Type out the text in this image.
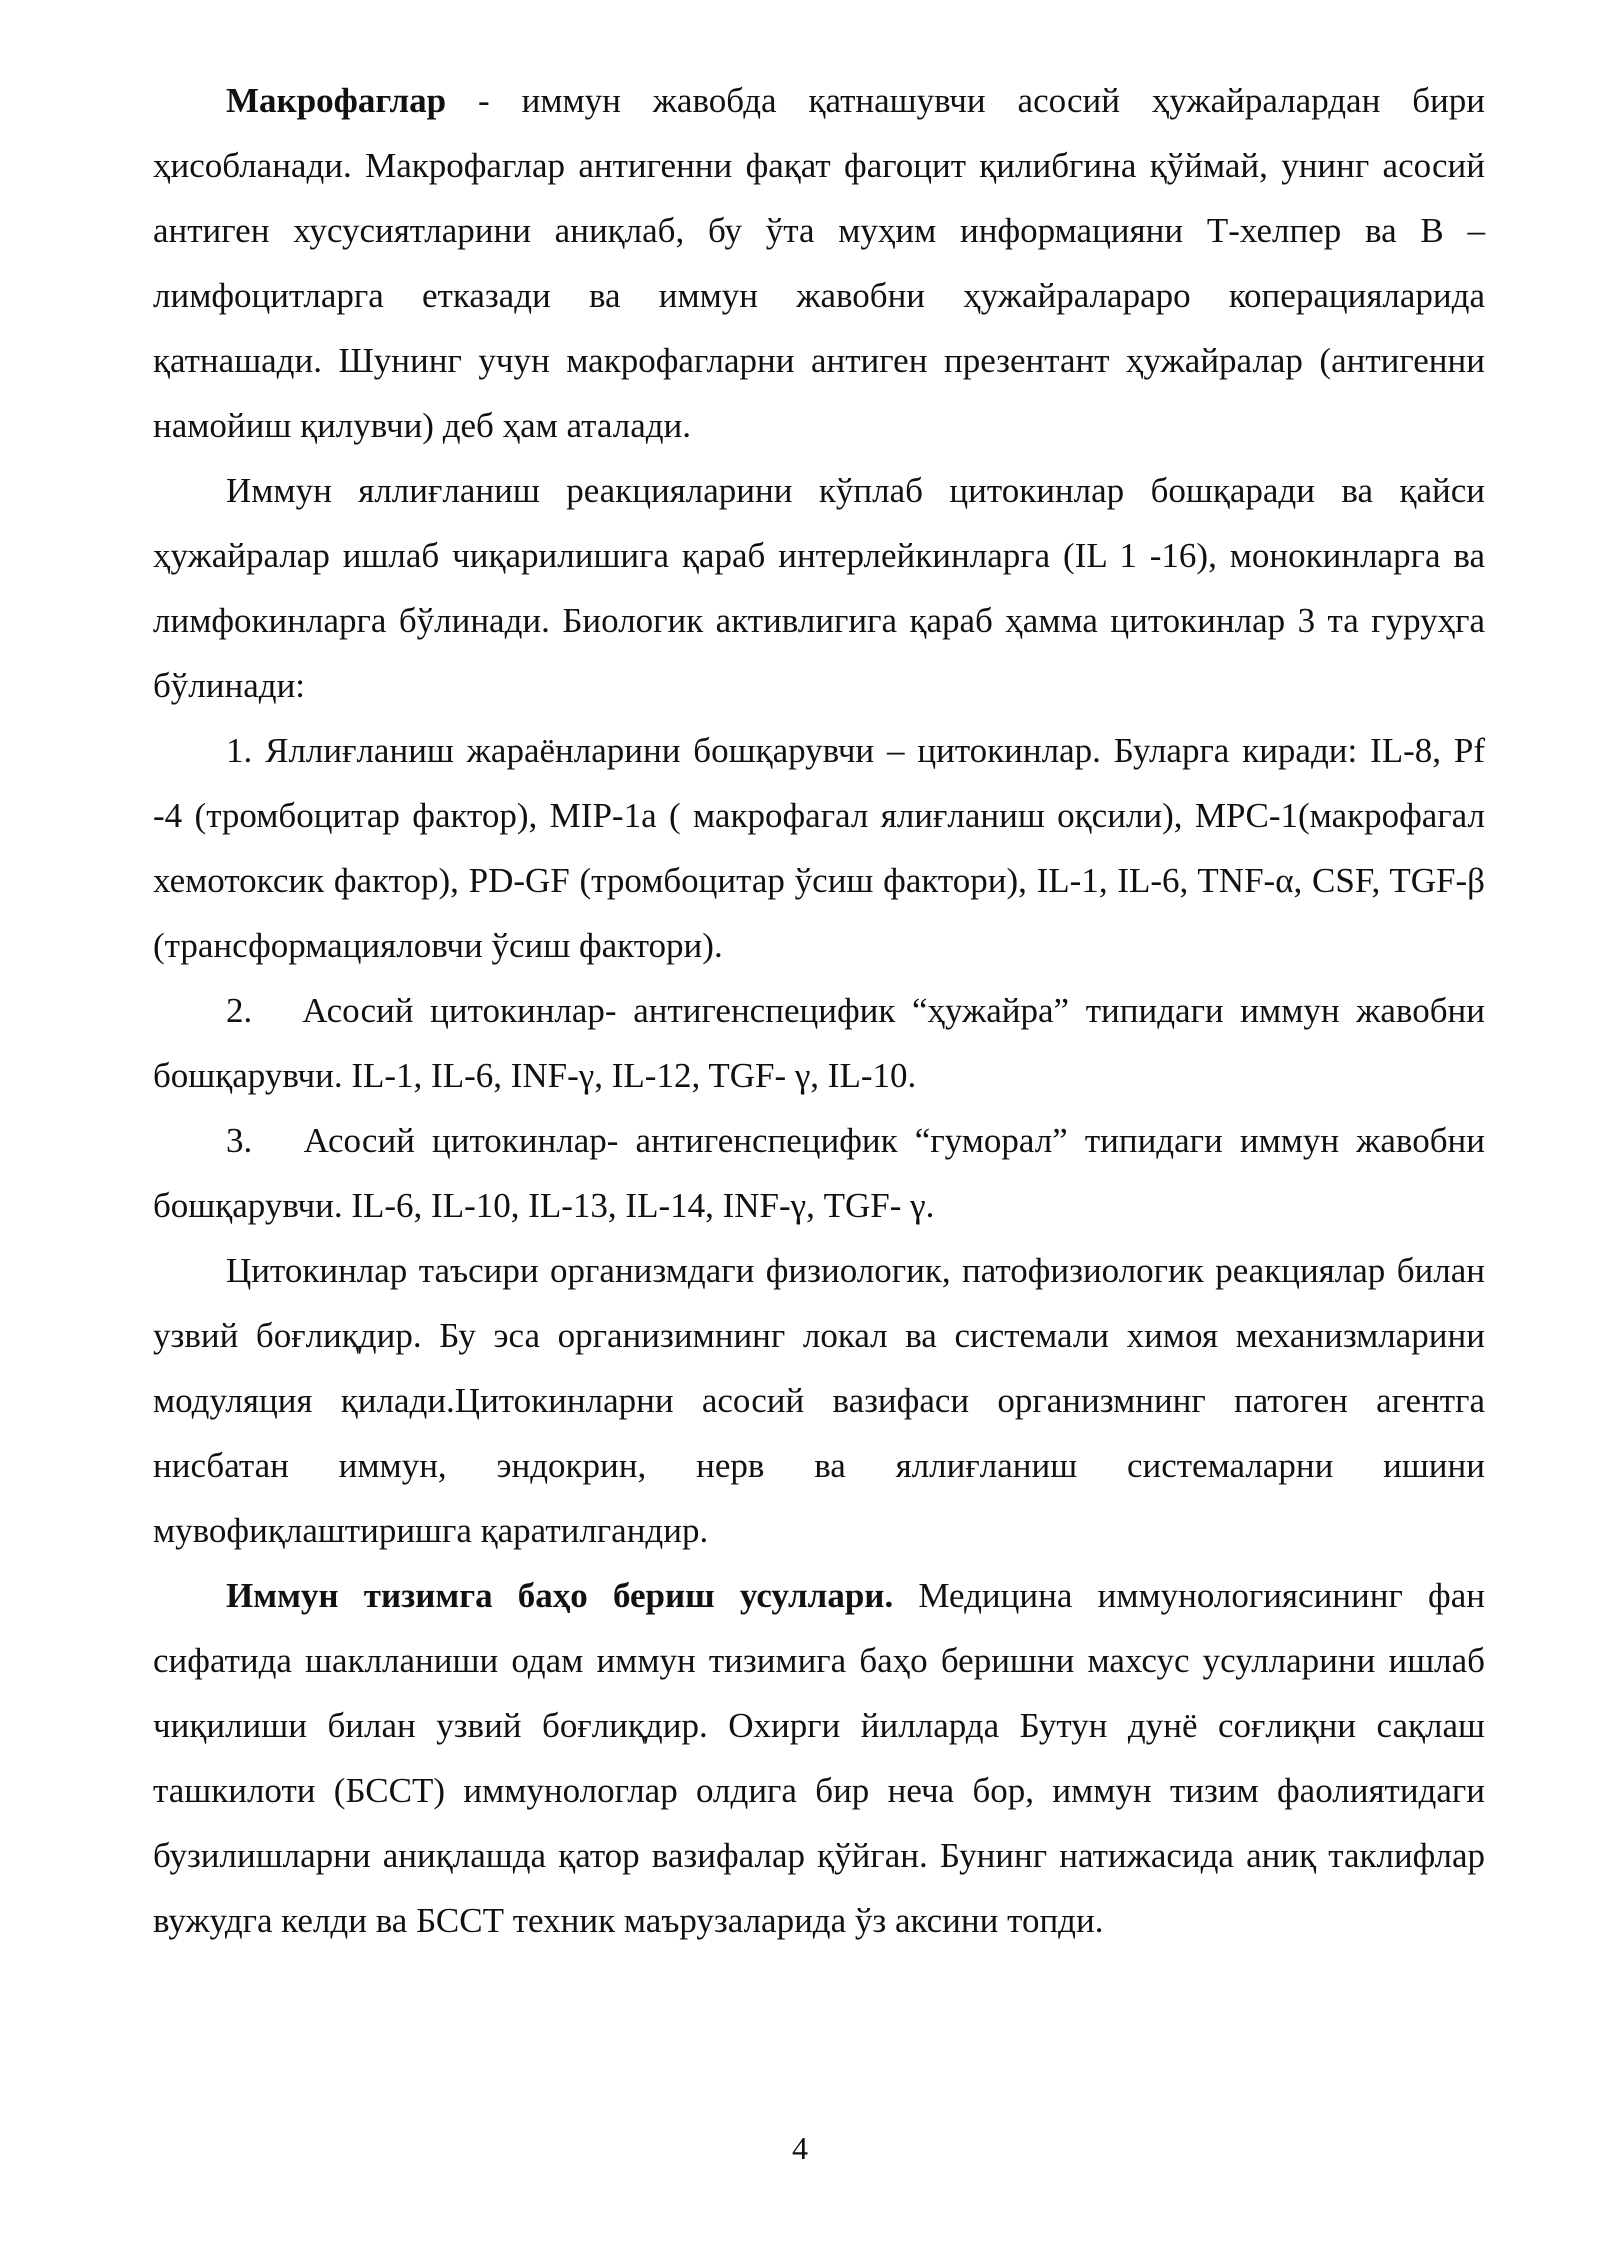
Макрофаглар - иммун жавобда қатнашувчи асосий ҳужайралардан бири ҳисобланади. Макрофаглар антигенни фақат фагоцит қилибгина қўймай, унинг асосий антиген хусусиятларини аниқлаб, бу ўта муҳим информацияни Т-хелпер ва В –лимфоцитларга етказади ва иммун жавобни ҳужайралараро коперацияларида қатнашади. Шунинг учун макрофагларни антиген презентант ҳужайралар (антигенни намойиш қилувчи) деб ҳам аталади.

Иммун яллиғланиш реакцияларини кўплаб цитокинлар бошқаради ва қайси ҳужайралар ишлаб чиқарилишига қараб интерлейкинларга (IL 1 -16), монокинларга ва лимфокинларга бўлинади. Биологик активлигига қараб ҳамма цитокинлар 3 та гуруҳга бўлинади:

1. Яллиғланиш жараёнларини бошқарувчи – цитокинлар. Буларга киради: IL-8, Pf -4 (тромбоцитар фактор), MIP-1a ( макрофагал ялиғланиш оқсили), MPC-1(макрофагал хемотоксик фактор), PD-GF (тромбоцитар ўсиш фактори), IL-1, IL-6, TNF-α, CSF, TGF-β (трансформацияловчи ўсиш фактори).

2.   Асосий цитокинлар- антигенспецифик “ҳужайра” типидаги иммун жавобни бошқарувчи. IL-1, IL-6, INF-γ, IL-12, TGF- γ, IL-10.

3.   Асосий цитокинлар- антигенспецифик “гуморал” типидаги иммун жавобни бошқарувчи. IL-6, IL-10, IL-13, IL-14, INF-γ, TGF- γ.

Цитокинлар таъсири организмдаги физиологик, патофизиологик реакциялар билан узвий боғлиқдир. Бу эса организимнинг локал ва системали химоя механизмларини модуляция қилади.Цитокинларни асосий вазифаси организмнинг патоген агентга нисбатан иммун, эндокрин, нерв ва яллиғланиш системаларни ишини мувофиқлаштиришга қаратилгандир.

Иммун тизимга баҳо бериш усуллари. Медицина иммунологиясининг фан сифатида шаклланиши одам иммун тизимига баҳо беришни махсус усулларини ишлаб чиқилиши билан узвий боғлиқдир. Охирги йилларда Бутун дунё соғлиқни сақлаш ташкилоти (БССТ) иммунологлар олдига бир неча бор, иммун тизим фаолиятидаги бузилишларни аниқлашда қатор вазифалар қўйган. Бунинг натижасида аниқ таклифлар вужудга келди ва БССТ техник маърузаларида ўз аксини топди.

4
